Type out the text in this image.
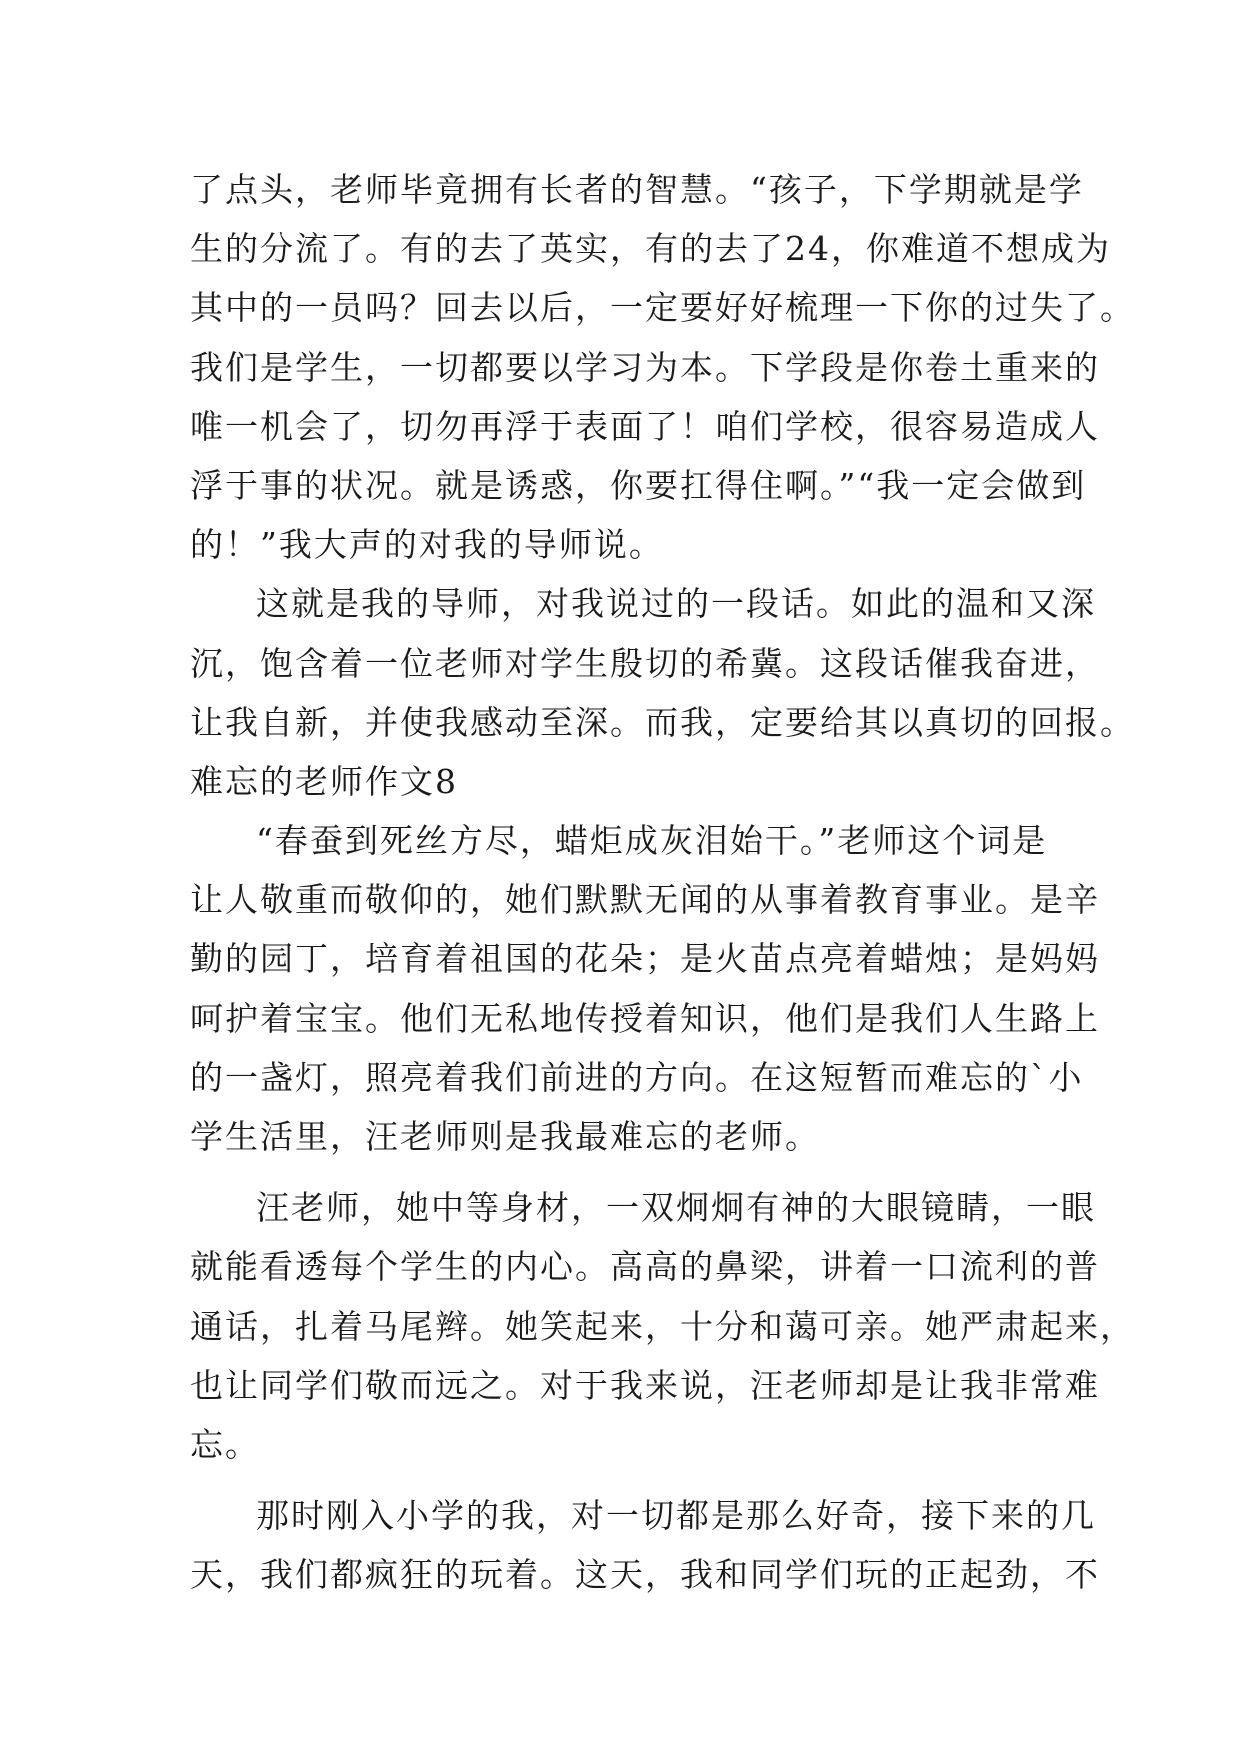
了点头，老师毕竟拥有长者的智慧。“孩子，下学期就是学
生的分流了。有的去了英实，有的去了24，你难道不想成为
其中的一员吗？回去以后，一定要好好梳理一下你的过失了。
我们是学生，一切都要以学习为本。下学段是你卷土重来的
唯一机会了，切勿再浮于表面了！咱们学校，很容易造成人
浮于事的状况。就是诱惑，你要扛得住啊。”“我一定会做到
的！”我大声的对我的导师说。
这就是我的导师，对我说过的一段话。如此的温和又深
沉，饱含着一位老师对学生殷切的希冀。这段话催我奋进，
让我自新，并使我感动至深。而我，定要给其以真切的回报。
难忘的老师作文8
“春蚕到死丝方尽，蜡炬成灰泪始干。”老师这个词是
让人敬重而敬仰的，她们默默无闻的从事着教育事业。是辛
勤的园丁，培育着祖国的花朵；是火苗点亮着蜡烛；是妈妈
呵护着宝宝。他们无私地传授着知识，他们是我们人生路上
的一盏灯，照亮着我们前进的方向。在这短暂而难忘的`小
学生活里，汪老师则是我最难忘的老师。
汪老师，她中等身材，一双炯炯有神的大眼镜睛，一眼
就能看透每个学生的内心。高高的鼻梁，讲着一口流利的普
通话，扎着马尾辫。她笑起来，十分和蔼可亲。她严肃起来，
也让同学们敬而远之。对于我来说，汪老师却是让我非常难
忘。
那时刚入小学的我，对一切都是那么好奇，接下来的几
天，我们都疯狂的玩着。这天，我和同学们玩的正起劲，不
